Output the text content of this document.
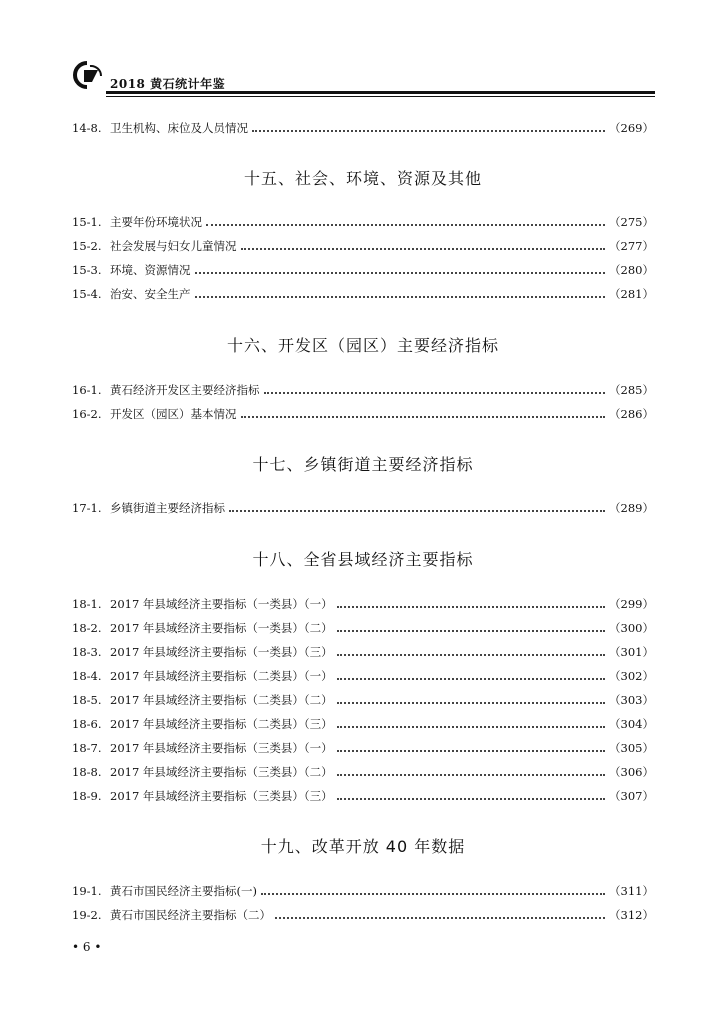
2018 黄石统计年鉴
14-8. 卫生机构、床位及人员情况	（269）
十五、社会、环境、资源及其他
15-1. 主要年份环境状况	（275）
15-2. 社会发展与妇女儿童情况	（277）
15-3. 环境、资源情况	（280）
15-4. 治安、安全生产	（281）
十六、开发区（园区）主要经济指标
16-1. 黄石经济开发区主要经济指标	（285）
16-2. 开发区（园区）基本情况	（286）
十七、乡镇街道主要经济指标
17-1. 乡镇街道主要经济指标	（289）
十八、全省县域经济主要指标
18-1. 2017 年县域经济主要指标（一类县）（一）	（299）
18-2. 2017 年县域经济主要指标（一类县）（二）	（300）
18-3. 2017 年县域经济主要指标（一类县）（三）	（301）
18-4. 2017 年县域经济主要指标（二类县）（一）	（302）
18-5. 2017 年县域经济主要指标（二类县）（二）	（303）
18-6. 2017 年县域经济主要指标（二类县）（三）	（304）
18-7. 2017 年县域经济主要指标（三类县）（一）	（305）
18-8. 2017 年县域经济主要指标（三类县）（二）	（306）
18-9. 2017 年县域经济主要指标（三类县）（三）	（307）
十九、改革开放 40 年数据
19-1. 黄石市国民经济主要指标(一)	（311）
19-2. 黄石市国民经济主要指标（二）	（312）
• 6 •
